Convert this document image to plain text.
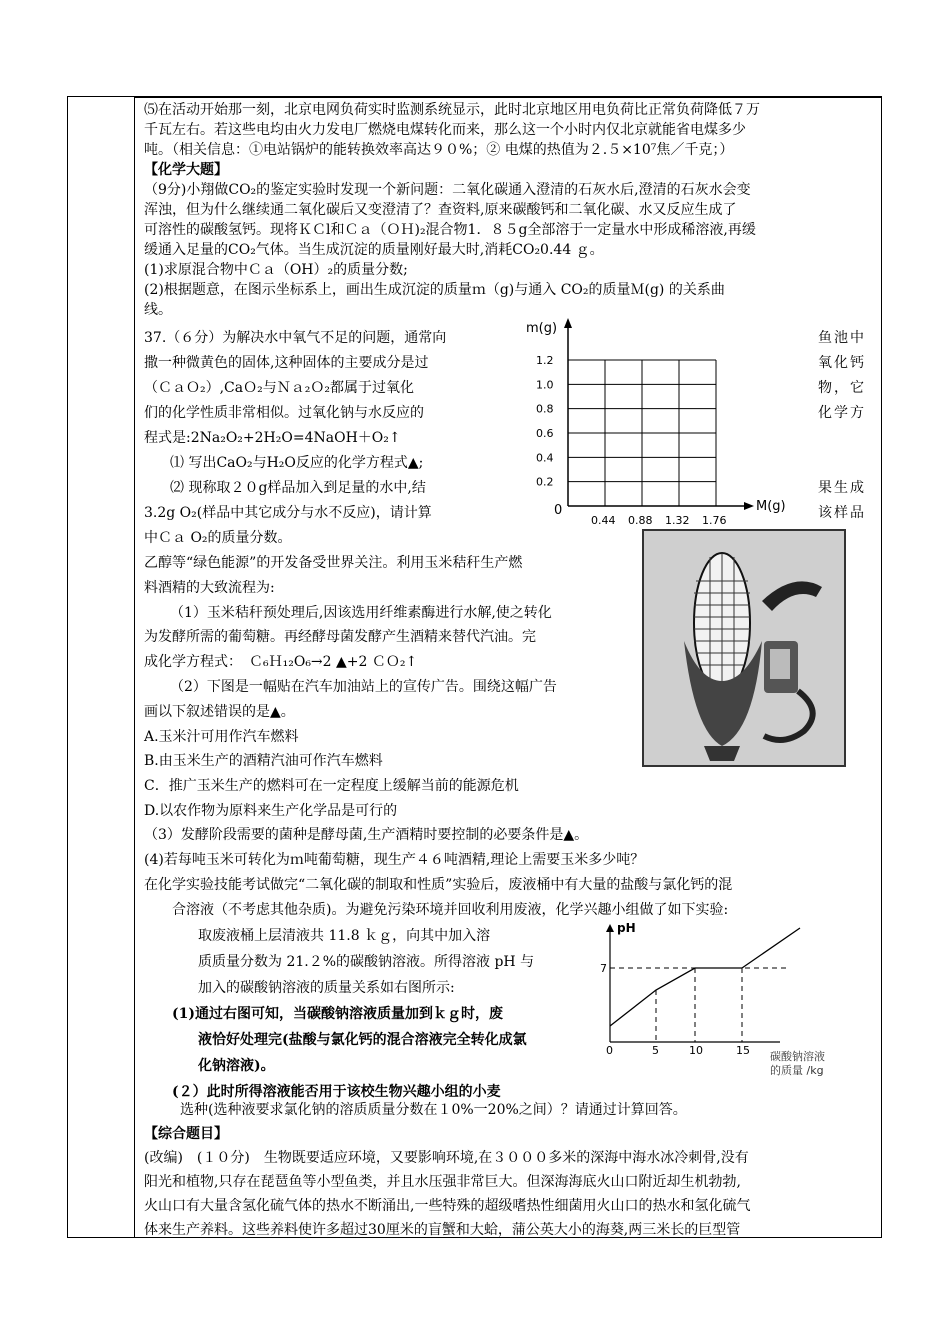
⑸在活动开始那一刻，北京电网负荷实时监测系统显示，此时北京地区用电负荷比正常负荷降低７万

千瓦左右。若这些电均由火力发电厂燃烧电煤转化而来，那么这一个小时内仅北京就能省电煤多少

吨。（相关信息：①电站锅炉的能转换效率高达９０%；② 电煤的热值为２.５×10⁷焦／千克；）

【化学大题】

（9分)小翔做CO₂的鉴定实验时发现一个新问题：二氧化碳通入澄清的石灰水后,澄清的石灰水会变

浑浊，但为什么继续通二氧化碳后又变澄清了？查资料,原来碳酸钙和二氧化碳、水又反应生成了

可溶性的碳酸氢钙。现将ＫＣl和Ｃａ（ＯＨ)₂混合物1．８５g全部溶于一定量水中形成稀溶液,再缓

缓通入足量的CO₂气体。当生成沉淀的质量刚好最大时,消耗CO₂0.44 ｇ。

(1)求原混合物中Ｃａ（OH）₂的质量分数;

(2)根据题意，在图示坐标系上，画出生成沉淀的质量ｍ（g)与通入 CO₂的质量Ｍ(g) 的关系曲

线。

37.（６分）为解决水中氧气不足的问题，通常向

撒一种微黄色的固体,这种固体的主要成分是过

（ＣａＯ₂）,CaＯ₂与Ｎａ₂Ｏ₂都属于过氧化

们的化学性质非常相似。过氧化钠与水反应的

程式是:2Na₂O₂+2H₂O=4NaOH＋O₂↑

⑴ 写出CaO₂与H₂O反应的化学方程式▲;

⑵ 现称取２０g样品加入到足量的水中,结

3.2g O₂(样品中其它成分与水不反应)，请计算

中Ｃａ O₂的质量分数。

鱼池中

氧化钙

物，它

化学方

果生成

该样品

m(g)
M(g)
0
1.2
1.0
0.8
0.6
0.4
0.2
0.44 0.88 1.32 1.76

乙醇等“绿色能源”的开发备受世界关注。利用玉米秸秆生产燃

料酒精的大致流程为:

（1）玉米秸秆预处理后,因该选用纤维素酶进行水解,使之转化

为发酵所需的葡萄糖。再经酵母菌发酵产生酒精来替代汽油。完

成化学方程式：　Ｃ₆Ｈ₁₂O₆→2 ▲+2 ＣＯ₂↑

（2）下图是一幅贴在汽车加油站上的宣传广告。围绕这幅广告

画以下叙述错误的是▲。

A.玉米汁可用作汽车燃料

B.由玉米生产的酒精汽油可作汽车燃料

C．推广玉米生产的燃料可在一定程度上缓解当前的能源危机

D.以农作物为原料来生产化学品是可行的

（3）发酵阶段需要的菌种是酵母菌,生产酒精时要控制的必要条件是▲。

(4)若每吨玉米可转化为ｍ吨葡萄糖，现生产４６吨酒精,理论上需要玉米多少吨？

在化学实验技能考试做完“二氧化碳的制取和性质”实验后，废液桶中有大量的盐酸与氯化钙的混

合溶液（不考虑其他杂质)。为避免污染环境并回收利用废液，化学兴趣小组做了如下实验:

取废液桶上层清液共 11.8 ｋｇ，向其中加入溶

质质量分数为 21.２%的碳酸钠溶液。所得溶液 pH 与

加入的碳酸钠溶液的质量关系如右图所示:

(1)通过右图可知，当碳酸钠溶液质量加到ｋｇ时，废

液恰好处理完(盐酸与氯化钙的混合溶液完全转化成氯

化钠溶液)。

(２）此时所得溶液能否用于该校生物兴趣小组的小麦

选种(选种液要求氯化钠的溶质质量分数在１0%一20%之间）？请通过计算回答。

【综合题目】

(改编)　(１０分)　生物既要适应环境，又要影响环境,在３０００多米的深海中海水冰冷刺骨,没有

阳光和植物,只存在琵琶鱼等小型鱼类，并且水压强非常巨大。但深海海底火山口附近却生机勃勃,

火山口有大量含氢化硫气体的热水不断涌出,一些特殊的超级嗜热性细菌用火山口的热水和氢化硫气

体来生产养料。这些养料使许多超过30厘米的盲蟹和大蛤，蒲公英大小的海葵,两三米长的巨型管

pH
7
0	5	10	15 碳酸钠溶液
的质量 /kg
